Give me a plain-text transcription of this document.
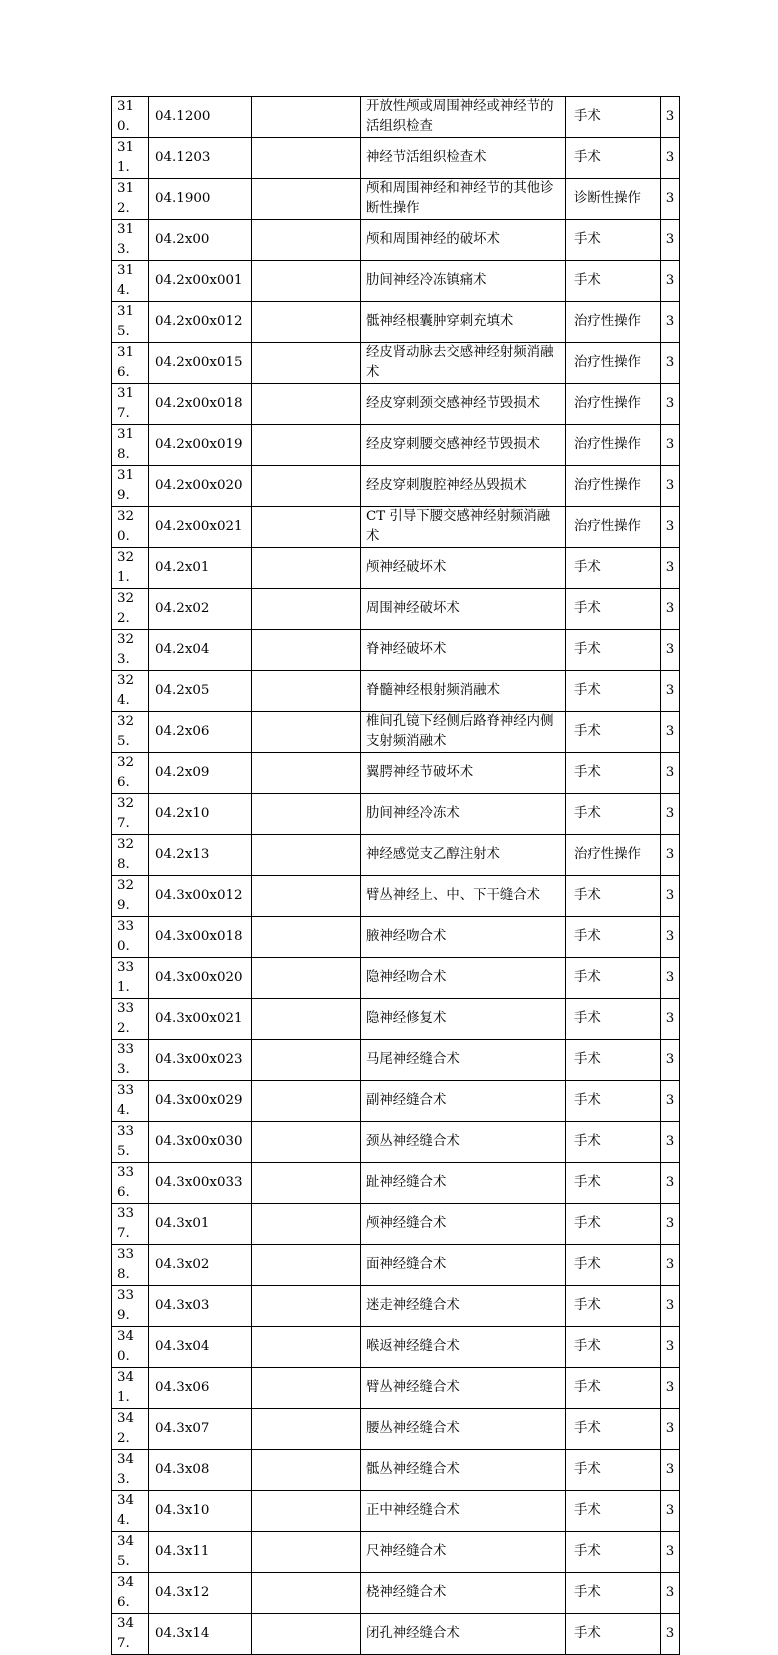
310.	04.1200		开放性颅或周围神经或神经节的活组织检查	手术	3
311.	04.1203		神经节活组织检查术	手术	3
312.	04.1900		颅和周围神经和神经节的其他诊断性操作	诊断性操作	3
313.	04.2x00		颅和周围神经的破坏术	手术	3
314.	04.2x00x001		肋间神经冷冻镇痛术	手术	3
315.	04.2x00x012		骶神经根囊肿穿刺充填术	治疗性操作	3
316.	04.2x00x015		经皮肾动脉去交感神经射频消融术	治疗性操作	3
317.	04.2x00x018		经皮穿刺颈交感神经节毁损术	治疗性操作	3
318.	04.2x00x019		经皮穿刺腰交感神经节毁损术	治疗性操作	3
319.	04.2x00x020		经皮穿刺腹腔神经丛毁损术	治疗性操作	3
320.	04.2x00x021		CT 引导下腰交感神经射频消融术	治疗性操作	3
321.	04.2x01		颅神经破坏术	手术	3
322.	04.2x02		周围神经破坏术	手术	3
323.	04.2x04		脊神经破坏术	手术	3
324.	04.2x05		脊髓神经根射频消融术	手术	3
325.	04.2x06		椎间孔镜下经侧后路脊神经内侧支射频消融术	手术	3
326.	04.2x09		翼腭神经节破坏术	手术	3
327.	04.2x10		肋间神经冷冻术	手术	3
328.	04.2x13		神经感觉支乙醇注射术	治疗性操作	3
329.	04.3x00x012		臂丛神经上、中、下干缝合术	手术	3
330.	04.3x00x018		腋神经吻合术	手术	3
331.	04.3x00x020		隐神经吻合术	手术	3
332.	04.3x00x021		隐神经修复术	手术	3
333.	04.3x00x023		马尾神经缝合术	手术	3
334.	04.3x00x029		副神经缝合术	手术	3
335.	04.3x00x030		颈丛神经缝合术	手术	3
336.	04.3x00x033		趾神经缝合术	手术	3
337.	04.3x01		颅神经缝合术	手术	3
338.	04.3x02		面神经缝合术	手术	3
339.	04.3x03		迷走神经缝合术	手术	3
340.	04.3x04		喉返神经缝合术	手术	3
341.	04.3x06		臂丛神经缝合术	手术	3
342.	04.3x07		腰丛神经缝合术	手术	3
343.	04.3x08		骶丛神经缝合术	手术	3
344.	04.3x10		正中神经缝合术	手术	3
345.	04.3x11		尺神经缝合术	手术	3
346.	04.3x12		桡神经缝合术	手术	3
347.	04.3x14		闭孔神经缝合术	手术	3
